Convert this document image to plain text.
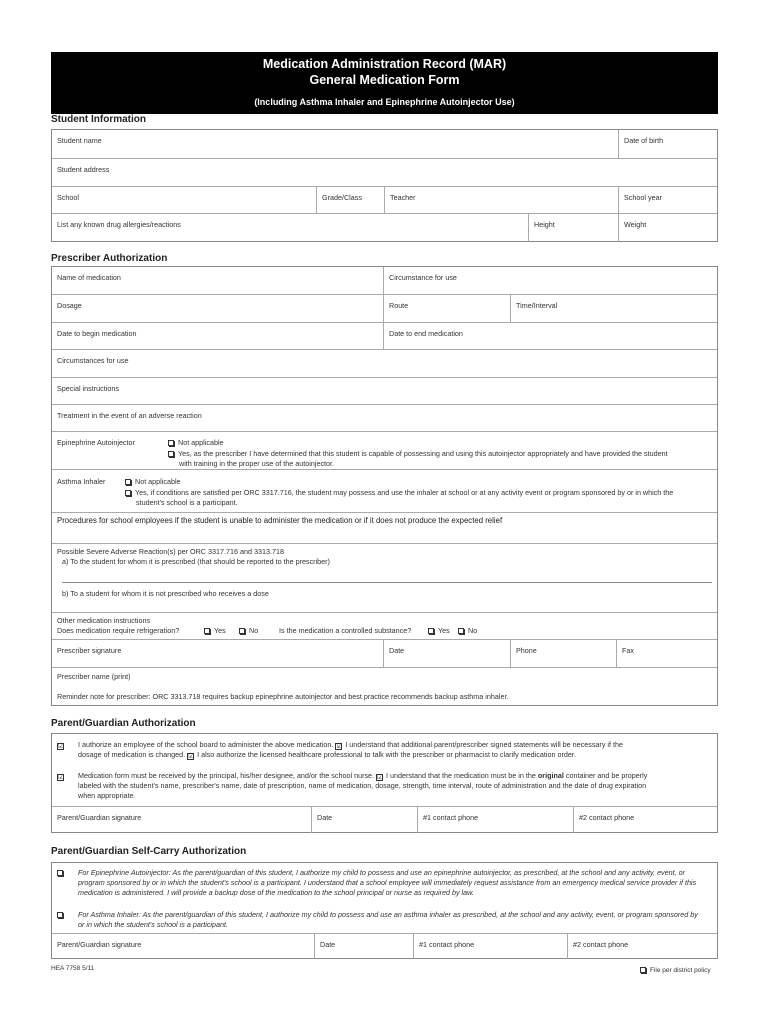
Medication Administration Record (MAR)
General Medication Form
(Including Asthma Inhaler and Epinephrine Autoinjector Use)
Student Information
Student name	Date of birth
Student address
School	Grade/Class	Teacher	School year
List any known drug allergies/reactions	Height	Weight
Prescriber Authorization
Name of medication	Circumstance for use
Dosage	Route	Time/Interval
Date to begin medication	Date to end medication
Circumstances for use
Special instructions
Treatment in the event of an adverse reaction
Epinephrine Autoinjector	Not applicable
Yes, as the prescriber I have determined that this student is capable of possessing and using this autoinjector appropriately and have provided the student
with training in the proper use of the autoinjector.
Asthma Inhaler	Not applicable
Yes, if conditions are satisfied per ORC 3317.716, the student may possess and use the inhaler at school or at any activity event or program sponsored by or in which the
student's school is a participant.
Procedures for school employees if the student is unable to administer the medication or if it does not produce the expected relief
Possible Severe Adverse Reaction(s) per ORC 3317.716 and 3313.718
a) To the student for whom it is prescribed (that should be reported to the prescriber)
b) To a student for whom it is not prescribed who receives a dose
Other medication instructions
Does medication require refrigeration?	Yes	No	Is the medication a controlled substance?	Yes	No
Prescriber signature	Date	Phone	Fax
Prescriber name (print)
Reminder note for prescriber: ORC 3313.718 requires backup epinephrine autoinjector and best practice recommends backup asthma inhaler.
Parent/Guardian Authorization
☑	I authorize an employee of the school board to administer the above medication. ☑ I understand that additional parent/prescriber signed statements will be necessary if the
dosage of medication is changed. ☑ I also authorize the licensed healthcare professional to talk with the prescriber or pharmacist to clarify medication order.
☑	Medication form must be received by the principal, his/her designee, and/or the school nurse. ☑ I understand that the medication must be in the original container and be properly
labeled with the student's name, prescriber's name, date of prescription, name of medication, dosage, strength, time interval, route of administration and the date of drug expiration
when appropriate.
Parent/Guardian signature	Date	#1 contact phone	#2 contact phone
Parent/Guardian Self-Carry Authorization
For Epinephrine Autoinjector: As the parent/guardian of this student, I authorize my child to possess and use an epinephrine autoinjector, as prescribed, at the school and any activity, event, or
program sponsored by or in which the student's school is a participant. I understand that a school employee will immediately request assistance from an emergency medical service provider if this
medication is administered. I will provide a backup dose of the medication to the school principal or nurse as required by law.
For Asthma Inhaler: As the parent/guardian of this student, I authorize my child to possess and use an asthma inhaler as prescribed, at the school and any activity, event, or program sponsored by
or in which the student's school is a participant.
Parent/Guardian signature	Date	#1 contact phone	#2 contact phone
HEA 7758 5/11	File per district policy
